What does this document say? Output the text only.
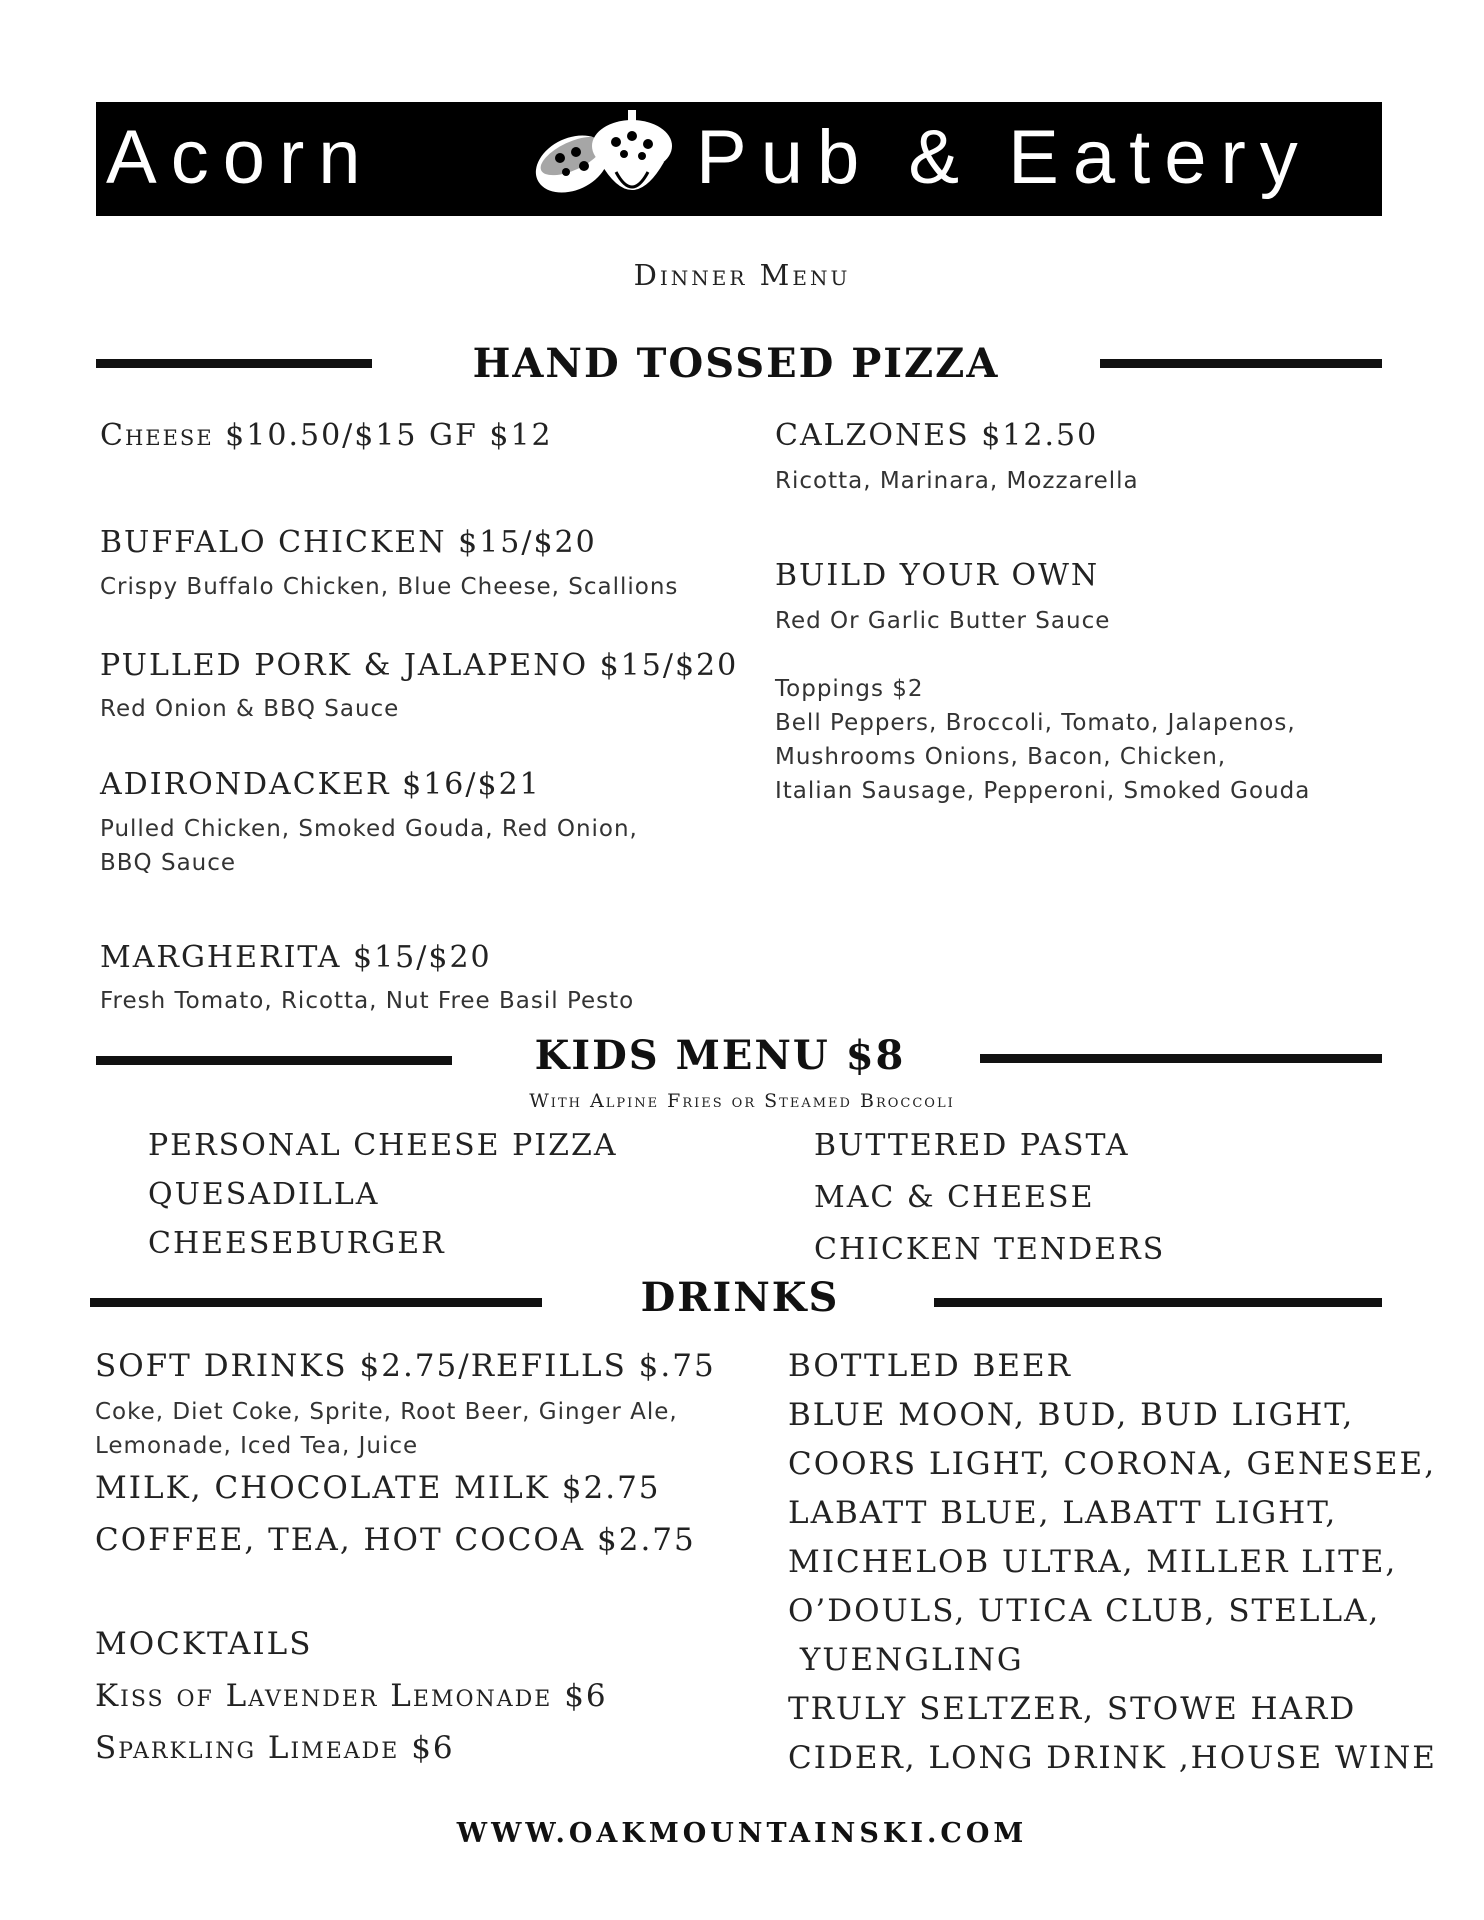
Acorn	Pub & Eatery
Dinner Menu
HAND TOSSED PIZZA
Cheese $10.50/$15 GF $12
BUFFALO CHICKEN $15/$20
Crispy Buffalo Chicken, Blue Cheese, Scallions
PULLED PORK & JALAPENO $15/$20
Red Onion & BBQ Sauce
ADIRONDACKER $16/$21
Pulled Chicken, Smoked Gouda, Red Onion,
BBQ Sauce
MARGHERITA $15/$20
Fresh Tomato, Ricotta, Nut Free Basil Pesto
CALZONES $12.50
Ricotta, Marinara, Mozzarella
BUILD YOUR OWN
Red Or Garlic Butter Sauce
Toppings $2
Bell Peppers, Broccoli, Tomato, Jalapenos,
Mushrooms Onions, Bacon, Chicken,
Italian Sausage, Pepperoni, Smoked Gouda
KIDS MENU $8
With Alpine Fries or Steamed Broccoli
PERSONAL CHEESE PIZZA
QUESADILLA
CHEESEBURGER
BUTTERED PASTA
MAC & CHEESE
CHICKEN TENDERS
DRINKS
SOFT DRINKS $2.75/REFILLS $.75
Coke, Diet Coke, Sprite, Root Beer, Ginger Ale,
Lemonade, Iced Tea, Juice
MILK, CHOCOLATE MILK $2.75
COFFEE, TEA, HOT COCOA $2.75
MOCKTAILS
Kiss of Lavender Lemonade $6
Sparkling Limeade $6
BOTTLED BEER
BLUE MOON, BUD, BUD LIGHT,
COORS LIGHT, CORONA, GENESEE,
LABATT BLUE, LABATT LIGHT,
MICHELOB ULTRA, MILLER LITE,
O’DOULS, UTICA CLUB, STELLA,
YUENGLING
TRULY SELTZER, STOWE HARD
CIDER, LONG DRINK ,HOUSE WINE
WWW.OAKMOUNTAINSKI.COM
